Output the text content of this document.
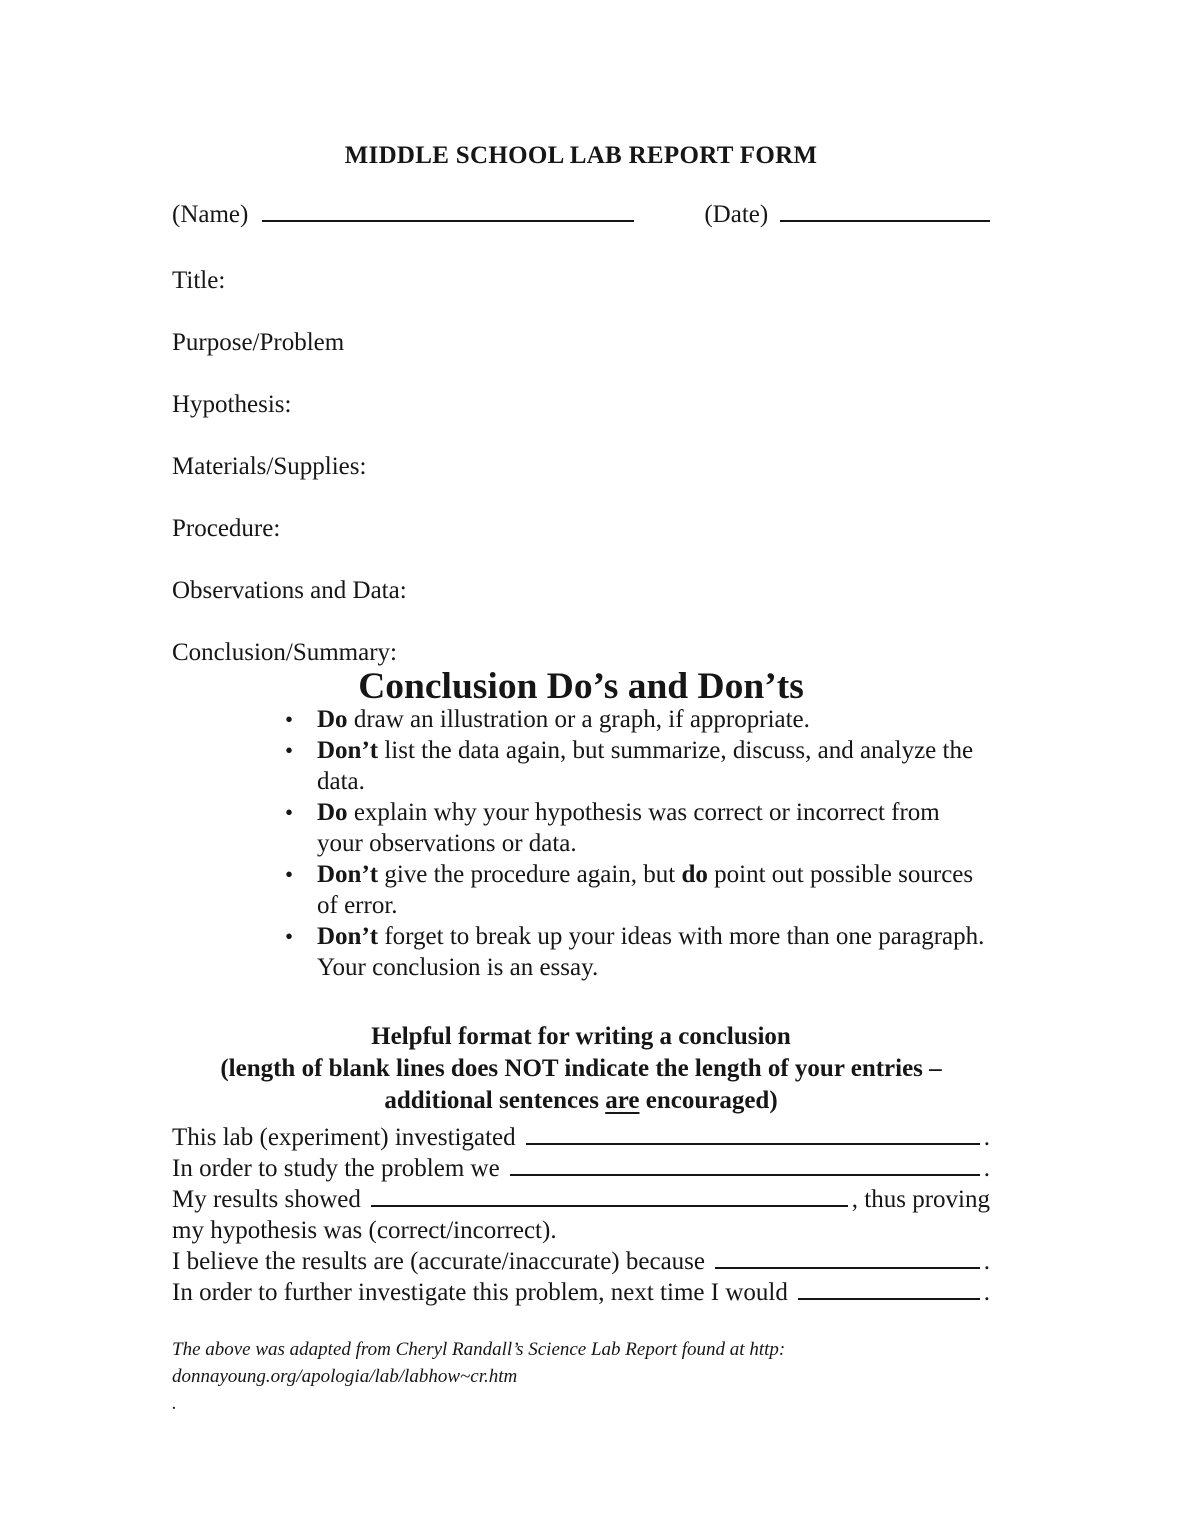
MIDDLE SCHOOL LAB REPORT FORM
(Name)	(Date)
Title:
Purpose/Problem
Hypothesis:
Materials/Supplies:
Procedure:
Observations and Data:
Conclusion/Summary:
Conclusion Do’s and Don’ts
• Do draw an illustration or a graph, if appropriate.
• Don’t list the data again, but summarize, discuss, and analyze the data.
• Do explain why your hypothesis was correct or incorrect from your observations or data.
• Don’t give the procedure again, but do point out possible sources of error.
• Don’t forget to break up your ideas with more than one paragraph. Your conclusion is an essay.
Helpful format for writing a conclusion
(length of blank lines does NOT indicate the length of your entries –
additional sentences are encouraged)
This lab (experiment) investigated	.
In order to study the problem we	.
My results showed	, thus proving
my hypothesis was (correct/incorrect).
I believe the results are (accurate/inaccurate) because	.
In order to further investigate this problem, next time I would	.
The above was adapted from Cheryl Randall’s Science Lab Report found at http:
donnayoung.org/apologia/lab/labhow~cr.htm
.
